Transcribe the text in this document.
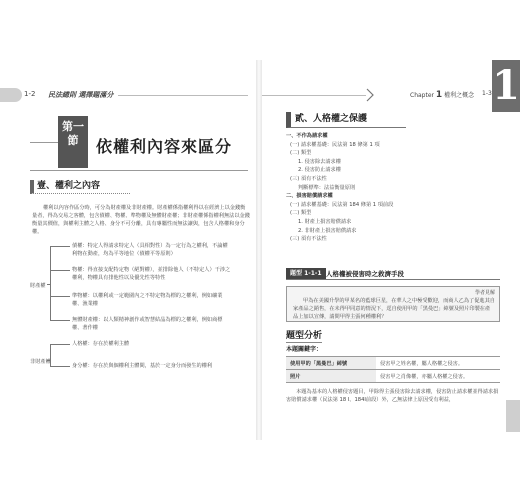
1-2 民法總則 選擇題滿分
第一節	依權利內容來區分
壹、權利之內容

權利以內容作區分時，可分為財產權及非財產權。財產權係指權利得以在經濟上以金錢衡量者，得為交易之客體，包含債權、物權、準物權及無體財產權；非財產權係指權利無法以金錢衡量其價值，與權利主體之人格、身分不可分離，具有專屬性而無法讓與，包含人格權和身分權。

財產權
非財產權
債權：特定人得請求特定人（具相對性）為一定行為之權利，不論權利物在動產，均為平等地位（債權平等原則）
物權：得直接支配特定物（絕對權），並排除他人（不特定人）干涉之權利，物權具有排他性以及優先性等特性
準物權：以權利或一定範圍內之不特定物為標的之權利，例如礦業權、漁業權
無體財產權：以人類精神創作或智慧結晶為標的之權利，例如商標權、著作權
人格權：存在於權利主體
身分權：存在於與個權利主體間，基於一定身分而發生的權利
Chapter 1 權利之概念 1-3 1
貳、人格權之保護
一、不作為請求權
(一) 請求權基礎：民法第 18 條第 1 項
(二) 類型
1. 侵害除去請求權
2. 侵害防止請求權
(三) 須有不法性
判斷標準：法益衡量原則
二、損害賠償請求權
(一) 請求權基礎：民法第 184 條第 1 項前段
(二) 類型
1. 財產上損害賠償請求
2. 非財產上損害賠償請求
(三) 須有不法性
題型 1-1-1 人格權被侵害時之救濟手段
學者見解

甲為在美國升學的甲某名的藍球巨星，在華人之中極受歡迎，而商人乙為了促進其自家產品之銷售，在未得甲同意的情況下，逕自使用甲的「黑曼巴」綽號及照片印製在產品上加以宣傳，請問甲得主張何種權利？

題型分析
本題關鍵字：
使用甲的「黑曼巴」綽號	侵害甲之姓名權，屬人格權之侵害。
照片	侵害甲之肖像權，亦屬人格權之侵害。

本題為基本的人格權侵害題目，甲除得主張侵害除去請求權，侵害防止請求權並得請求損害賠償請求權（民法第 18 Ⅰ、184Ⅰ前段）外，乙無法律上原因受有利益，
